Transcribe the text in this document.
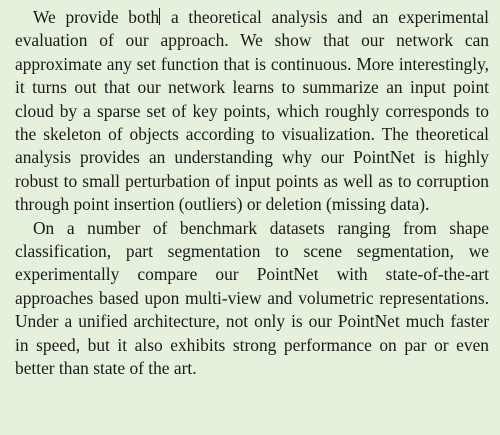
We provide both a theoretical analysis and an experimental evaluation of our approach. We show that our network can approximate any set function that is continuous. More interestingly, it turns out that our network learns to summarize an input point cloud by a sparse set of key points, which roughly corresponds to the skeleton of objects according to visualization. The theoretical analysis provides an understanding why our PointNet is highly robust to small perturbation of input points as well as to corruption through point insertion (outliers) or deletion (missing data).

On a number of benchmark datasets ranging from shape classification, part segmentation to scene segmentation, we experimentally compare our PointNet with state-of-the-art approaches based upon multi-view and volumetric representations. Under a unified architecture, not only is our PointNet much faster in speed, but it also exhibits strong performance on par or even better than state of the art.
